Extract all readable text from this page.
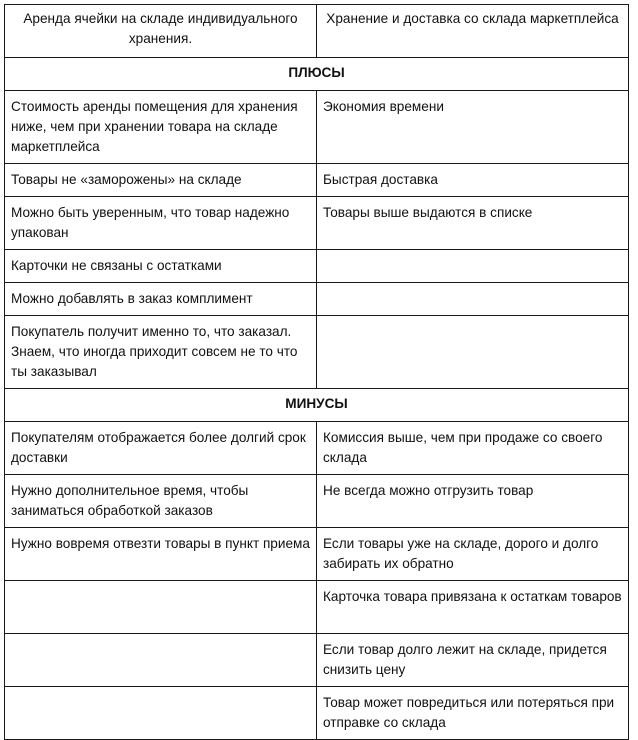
Аренда ячейки на складе индивидуального хранения.	Хранение и доставка со склада маркетплейса
ПЛЮСЫ	
Стоимость аренды помещения для хранения ниже, чем при хранении товара на складе маркетплейса	Экономия времени
Товары не «заморожены» на складе	Быстрая доставка
Можно быть уверенным, что товар надежно упакован	Товары выше выдаются в списке
Карточки не связаны с остатками	
Можно добавлять в заказ комплимент	
Покупатель получит именно то, что заказал. Знаем, что иногда приходит совсем не то что ты заказывал	
МИНУСЫ	
Покупателям отображается более долгий срок доставки	Комиссия выше, чем при продаже со своего склада
Нужно дополнительное время, чтобы заниматься обработкой заказов	Не всегда можно отгрузить товар
Нужно вовремя отвезти товары в пункт приема	Если товары уже на складе, дорого и долго забирать их обратно
	Карточка товара привязана к остаткам товаров
	Если товар долго лежит на складе, придется снизить цену
	Товар может повредиться или потеряться при отправке со склада
